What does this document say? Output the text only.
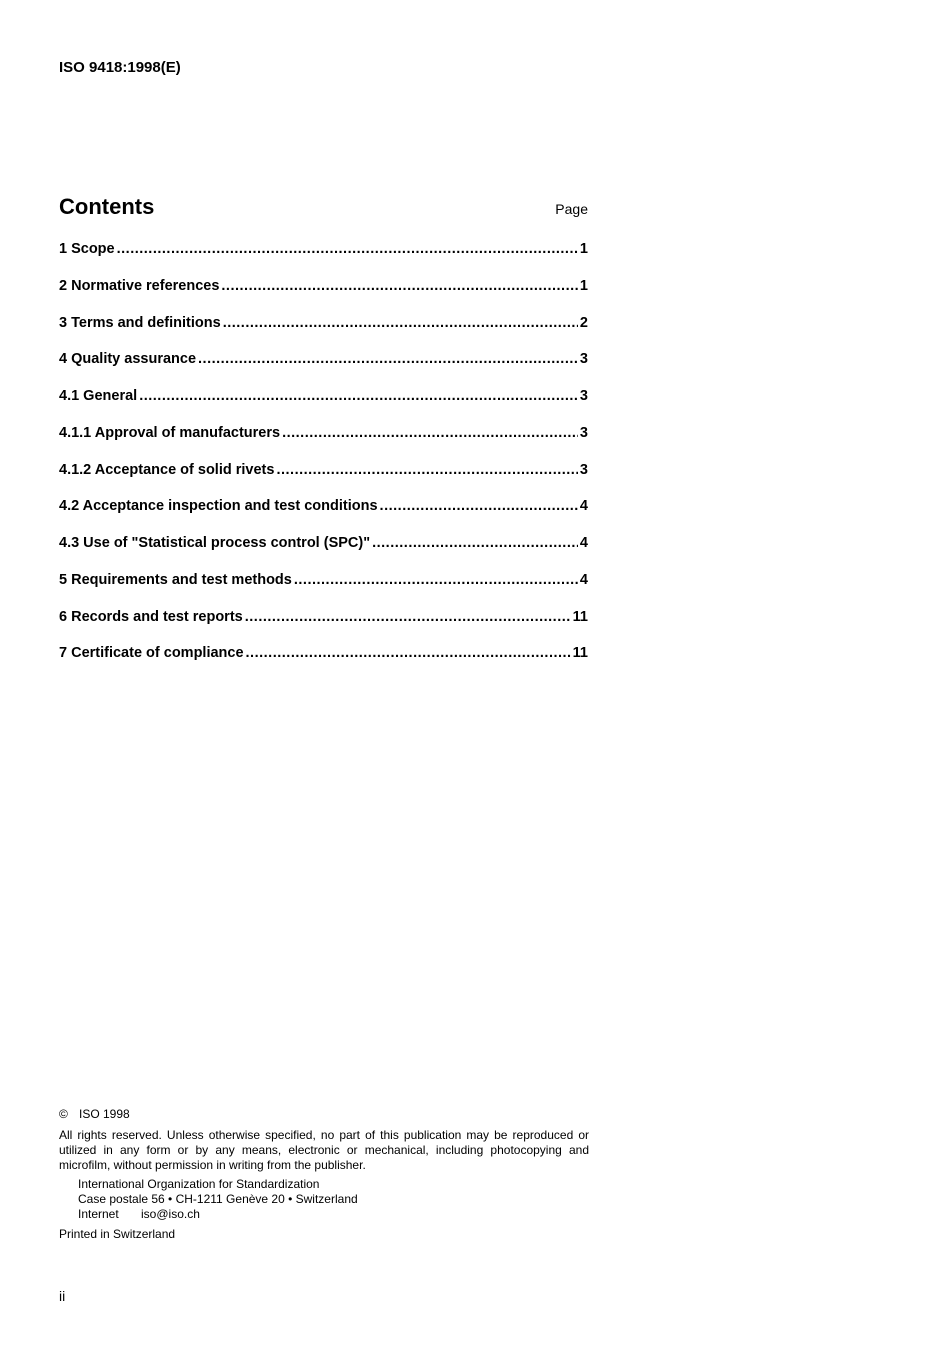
ISO 9418:1998(E)
Contents	Page
1 Scope .....	1
2 Normative references .....	1
3 Terms and definitions .....	2
4 Quality assurance .....	3
4.1 General .....	3
4.1.1 Approval of manufacturers .....	3
4.1.2 Acceptance of solid rivets .....	3
4.2 Acceptance inspection and test conditions .....	4
4.3 Use of "Statistical process control (SPC)" .....	4
5 Requirements and test methods .....	4
6 Records and test reports .....	11
7 Certificate of compliance .....	11
© ISO 1998
All rights reserved. Unless otherwise specified, no part of this publication may be reproduced or utilized in any form or by any means, electronic or mechanical, including photocopying and microfilm, without permission in writing from the publisher.
International Organization for Standardization
Case postale 56 • CH-1211 Genève 20 • Switzerland
Internet iso@iso.ch
Printed in Switzerland
ii
